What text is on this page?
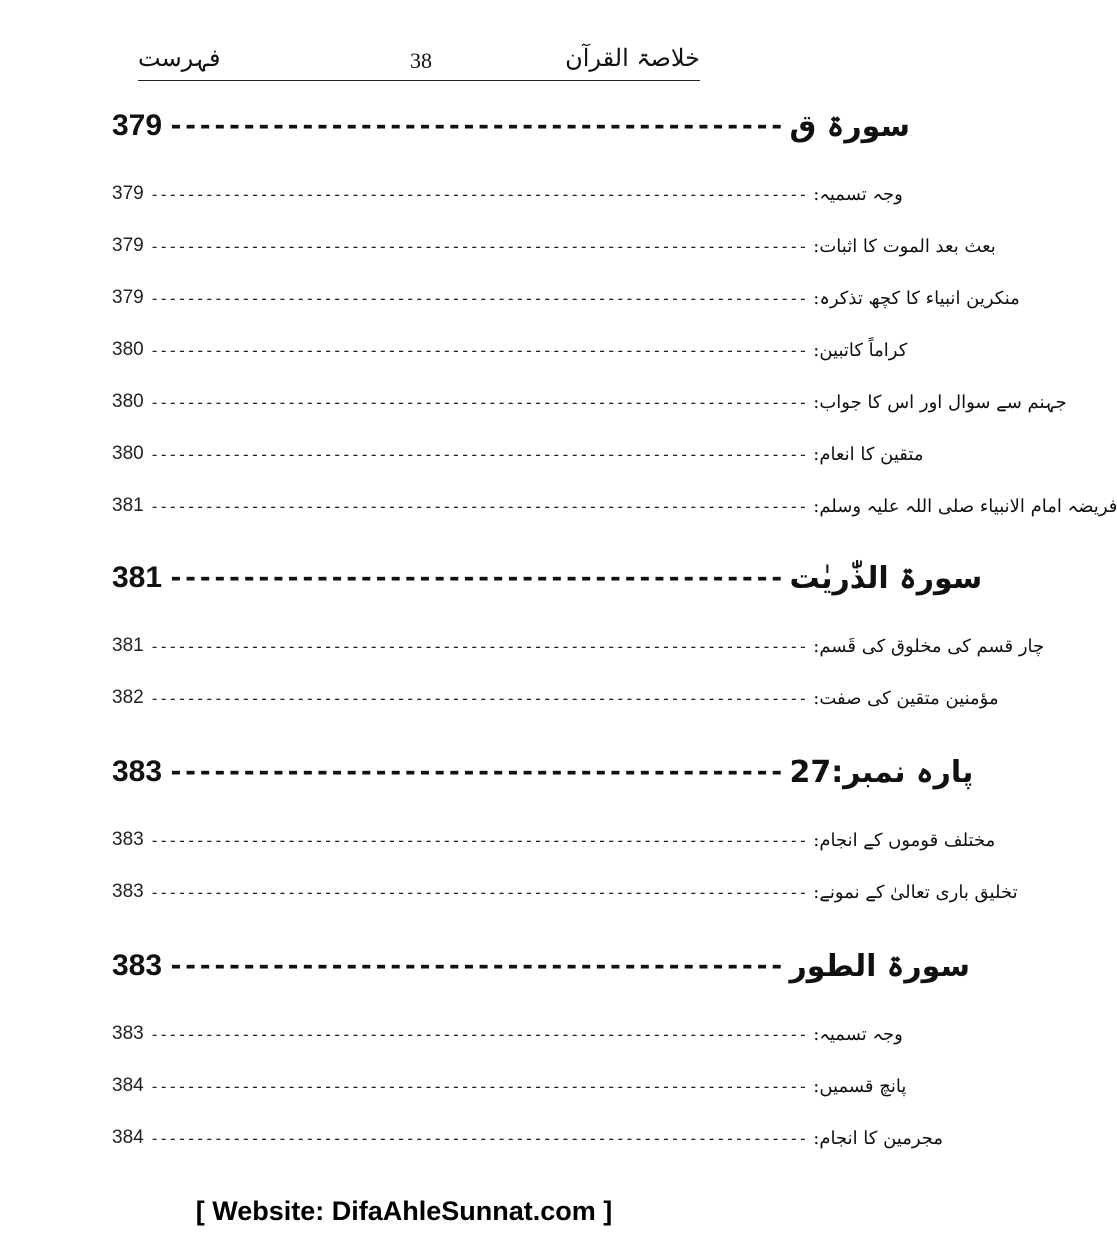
خلاصۃ القرآن
38
فہرست
379 ------------------------------------------ سورۃ ق
379 ------------------------------------------------------------------------ وجہ تسمیہ:
379 ------------------------------------------------------------------------ بعث بعد الموت کا اثبات:
379 ------------------------------------------------------------------------ منکرین انبیاء کا کچھ تذکرہ:
380 ------------------------------------------------------------------------ کراماً کاتبین:
380 ------------------------------------------------------------------------ جہنم سے سوال اور اس کا جواب:
380 ------------------------------------------------------------------------ متقین کا انعام:
381 ------------------------------------------------------------------------ فریضہ امام الانبیاء صلی اللہ علیہ وسلم:
381 ------------------------------------------ سورۃ الذّٰریٰت
381 ------------------------------------------------------------------------ چار قسم کی مخلوق کی قَسم:
382 ------------------------------------------------------------------------ مؤمنین متقین کی صفت:
383 ------------------------------------------ پارہ نمبر:27
383 ------------------------------------------------------------------------ مختلف قوموں کے انجام:
383 ------------------------------------------------------------------------ تخلیق باری تعالیٰ کے نمونے:
383 ------------------------------------------ سورۃ الطور
383 ------------------------------------------------------------------------ وجہ تسمیہ:
384 ------------------------------------------------------------------------ پانچ قسمیں:
384 ------------------------------------------------------------------------ مجرمین کا انجام:
[ Website: DifaAhleSunnat.com ]
